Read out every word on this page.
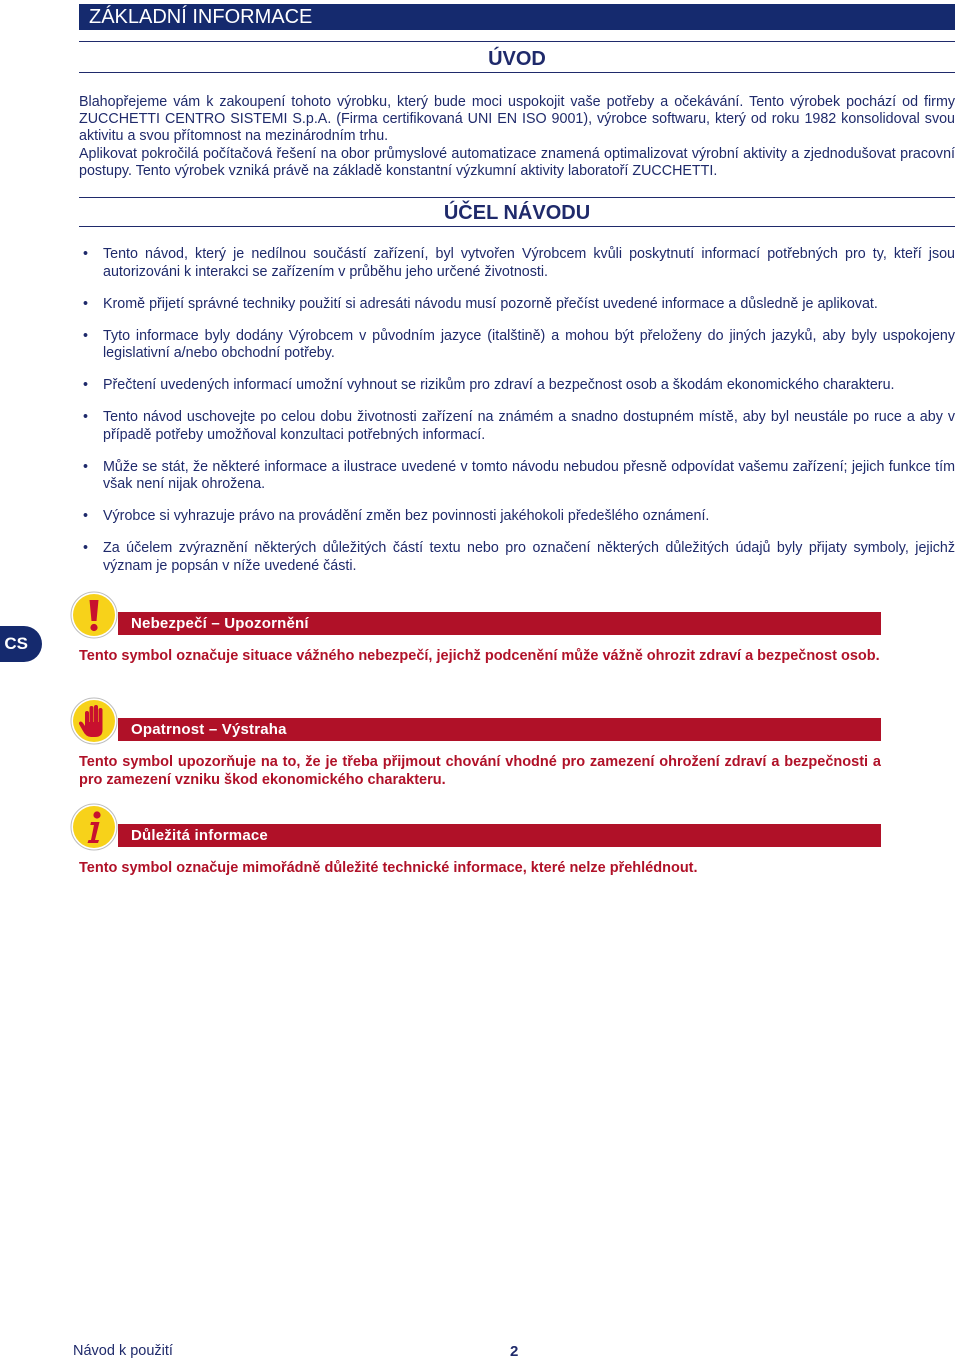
ZÁKLADNÍ INFORMACE
ÚVOD

Blahopřejeme vám k zakoupení tohoto výrobku, který bude moci uspokojit vaše potřeby a očekávání. Tento výrobek pochází od firmy ZUCCHETTI CENTRO SISTEMI S.p.A. (Firma certifikovaná UNI EN ISO 9001), výrobce softwaru, který od roku 1982 konsolidoval svou aktivitu a svou přítomnost na mezinárodním trhu.

Aplikovat pokročilá počítačová řešení na obor průmyslové automatizace znamená optimalizovat výrobní aktivity a zjednodušovat pracovní postupy. Tento výrobek vzniká právě na základě konstantní výzkumní aktivity laboratoří ZUCCHETTI.

ÚČEL NÁVODU
• Tento návod, který je nedílnou součástí zařízení, byl vytvořen Výrobcem kvůli poskytnutí informací potřebných pro ty, kteří jsou autorizováni k interakci se zařízením v průběhu jeho určené životnosti.
• Kromě přijetí správné techniky použití si adresáti návodu musí pozorně přečíst uvedené informace a důsledně je aplikovat.
• Tyto informace byly dodány Výrobcem v původním jazyce (italštině) a mohou být přeloženy do jiných jazyků, aby byly uspokojeny legislativní a/nebo obchodní potřeby.
• Přečtení uvedených informací umožní vyhnout se rizikům pro zdraví a bezpečnost osob a škodám ekonomického charakteru.
• Tento návod uschovejte po celou dobu životnosti zařízení na známém a snadno dostupném místě, aby byl neustále po ruce a aby v případě potřeby umožňoval konzultaci potřebných informací.
• Může se stát, že některé informace a ilustrace uvedené v tomto návodu nebudou přesně odpovídat vašemu zařízení; jejich funkce tím však není nijak ohrožena.
• Výrobce si vyhrazuje právo na provádění změn bez povinnosti jakéhokoli předešlého oznámení.
• Za účelem zvýraznění některých důležitých částí textu nebo pro označení některých důležitých údajů byly přijaty symboly, jejichž význam je popsán v níže uvedené části.
CS
Nebezpečí – Upozornění

Tento symbol označuje situace vážného nebezpečí, jejichž podcenění může vážně ohrozit zdraví a bezpečnost osob.

Opatrnost – Výstraha

Tento symbol upozorňuje na to, že je třeba přijmout chování vhodné pro zamezení ohrožení zdraví a bezpečnosti a pro zamezení vzniku škod ekonomického charakteru.

Důležitá informace

Tento symbol označuje mimořádně důležité technické informace, které nelze přehlédnout.

Návod k použití	2
